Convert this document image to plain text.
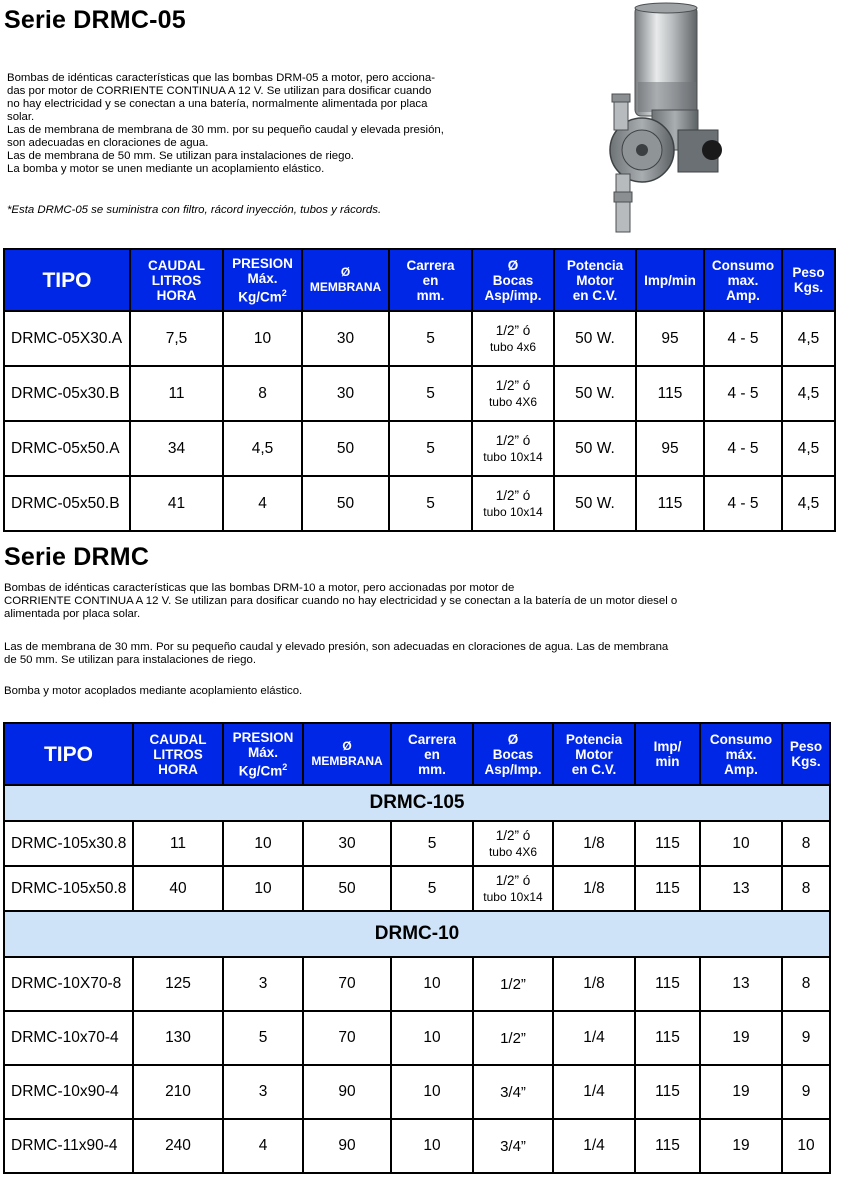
Serie DRMC-05
Bombas de idénticas características que las bombas DRM-05 a motor, pero acciona-
das por motor de CORRIENTE CONTINUA A 12 V. Se utilizan para dosificar cuando
no hay electricidad y se conectan a una batería, normalmente alimentada por placa
solar.
Las de membrana de membrana de 30 mm. por su pequeño caudal y elevada presión,
son adecuadas en cloraciones de agua.
Las de membrana de 50 mm. Se utilizan para instalaciones de riego.
La bomba y motor se unen mediante un acoplamiento elástico.
*Esta DRMC-05 se suministra con filtro, rácord inyección, tubos y rácords.
TIPO	CAUDAL
LITROS
HORA	PRESION
Máx.
Kg/Cm$^2$	Ø
MEMBRANA	Carrera
en
mm.	Ø
Bocas
Asp/imp.	Potencia
Motor
en C.V.	Imp/min	Consumo
max.
Amp.	Peso
Kgs.
DRMC-05X30.A	7,5	10	30	5	1/2” ó
tubo 4x6	50 W.	95	4 - 5	4,5
DRMC-05x30.B	11	8	30	5	1/2” ó
tubo 4X6	50 W.	115	4 - 5	4,5
DRMC-05x50.A	34	4,5	50	5	1/2” ó
tubo 10x14	50 W.	95	4 - 5	4,5
DRMC-05x50.B	41	4	50	5	1/2” ó
tubo 10x14	50 W.	115	4 - 5	4,5
Serie DRMC
Bombas de idénticas características que las bombas DRM-10 a motor, pero accionadas por motor de
CORRIENTE CONTINUA A 12 V. Se utilizan para dosificar cuando no hay electricidad y se conectan a la batería de un motor diesel o
alimentada por placa solar.
Las de membrana de 30 mm. Por su pequeño caudal y elevado presión, son adecuadas en cloraciones de agua. Las de membrana
de 50 mm. Se utilizan para instalaciones de riego.
Bomba y motor acoplados mediante acoplamiento elástico.
TIPO	CAUDAL
LITROS
HORA	PRESION
Máx.
Kg/Cm$^2$	Ø
MEMBRANA	Carrera
en
mm.	Ø
Bocas
Asp/Imp.	Potencia
Motor
en C.V.	Imp/
min	Consumo
máx.
Amp.	Peso
Kgs.
DRMC-105									
DRMC-105x30.8	11	10	30	5	1/2” ó
tubo 4X6	1/8	115	10	8
DRMC-105x50.8	40	10	50	5	1/2” ó
tubo 10x14	1/8	115	13	8
DRMC-10									
DRMC-10X70-8	125	3	70	10	1/2”	1/8	115	13	8
DRMC-10x70-4	130	5	70	10	1/2”	1/4	115	19	9
DRMC-10x90-4	210	3	90	10	3/4”	1/4	115	19	9
DRMC-11x90-4	240	4	90	10	3/4”	1/4	115	19	10
